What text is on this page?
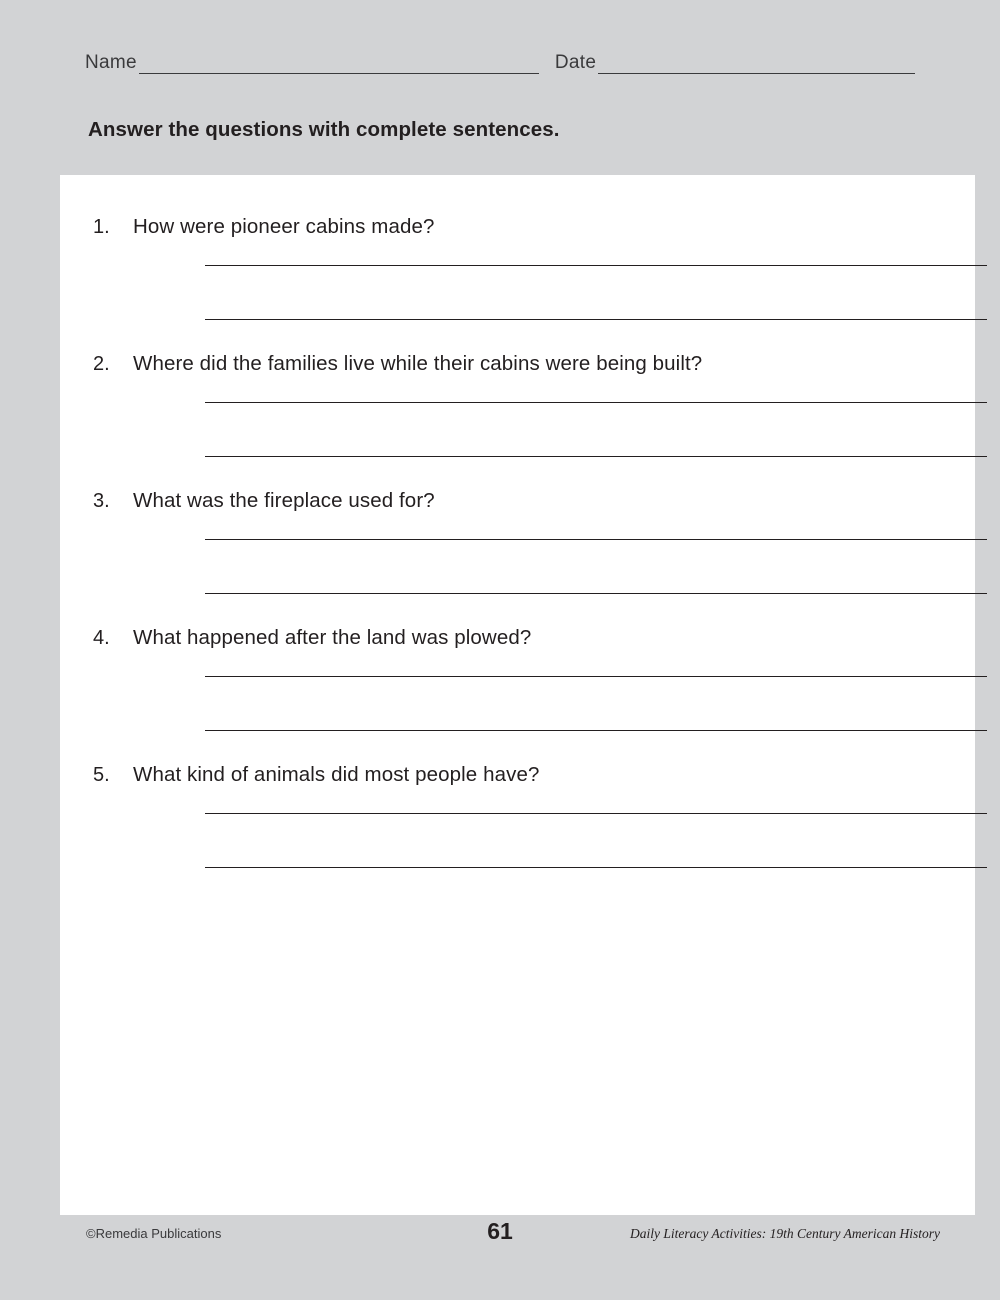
Name	Date
Answer the questions with complete sentences.
1.	How were pioneer cabins made?
2.	Where did the families live while their cabins were being built?
3.	What was the fireplace used for?
4.	What happened after the land was plowed?
5.	What kind of animals did most people have?
©Remedia Publications	61	Daily Literacy Activities: 19th Century American History
